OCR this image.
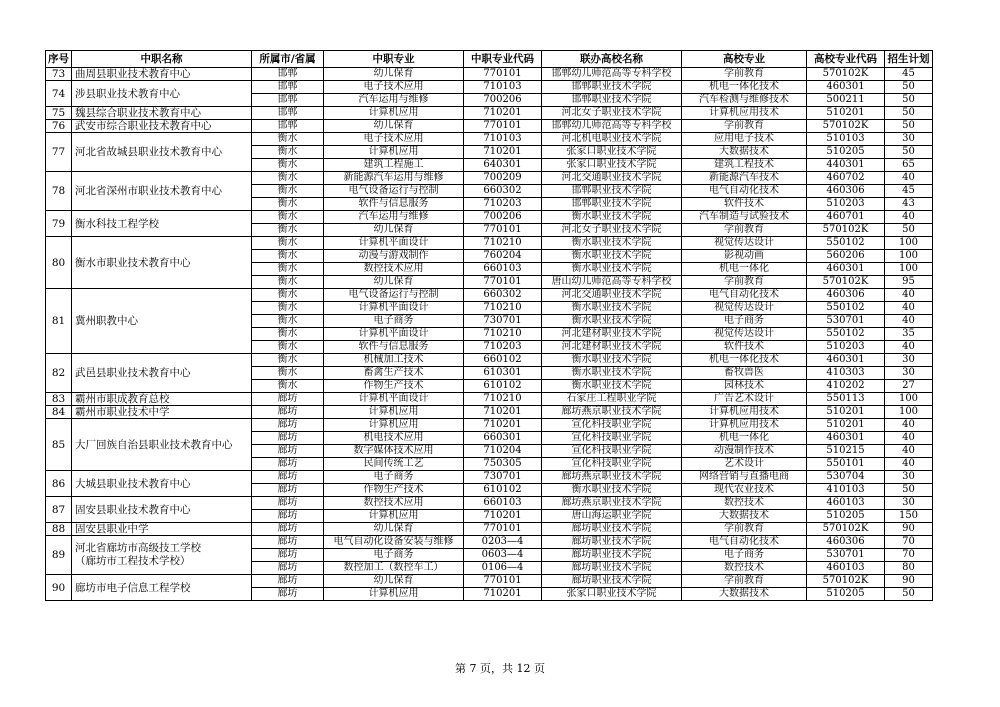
序号	中职名称	所属市/省属	中职专业	中职专业代码	联办高校名称	高校专业	高校专业代码	招生计划
73	曲周县职业技术教育中心	邯郸	幼儿保育	770101	邯郸幼儿师范高等专科学校	学前教育	570102K	45
74	涉县职业技术教育中心	邯郸	电子技术应用	710103	邯郸职业技术学院	机电一体化技术	460301	50
		邯郸	汽车运用与维修	700206	邯郸职业技术学院	汽车检测与维修技术	500211	50
75	魏县综合职业技术教育中心	邯郸	计算机应用	710201	河北女子职业技术学院	计算机应用技术	510201	50
76	武安市综合职业技术教育中心	邯郸	幼儿保育	770101	邯郸幼儿师范高等专科学校	学前教育	570102K	50
77	河北省故城县职业技术教育中心	衡水	电子技术应用	710103	河北机电职业技术学院	应用电子技术	510103	30
		衡水	计算机应用	710201	张家口职业技术学院	大数据技术	510205	50
		衡水	建筑工程施工	640301	张家口职业技术学院	建筑工程技术	440301	65
78	河北省深州市职业技术教育中心	衡水	新能源汽车运用与维修	700209	河北交通职业技术学院	新能源汽车技术	460702	40
		衡水	电气设备运行与控制	660302	邯郸职业技术学院	电气自动化技术	460306	45
		衡水	软件与信息服务	710203	邯郸职业技术学院	软件技术	510203	43
79	衡水科技工程学校	衡水	汽车运用与维修	700206	衡水职业技术学院	汽车制造与试验技术	460701	40
		衡水	幼儿保育	770101	河北女子职业技术学院	学前教育	570102K	50
80	衡水市职业技术教育中心	衡水	计算机平面设计	710210	衡水职业技术学院	视觉传达设计	550102	100
		衡水	动漫与游戏制作	760204	衡水职业技术学院	影视动画	560206	100
		衡水	数控技术应用	660103	衡水职业技术学院	机电一体化	460301	100
		衡水	幼儿保育	770101	唐山幼儿师范高等专科学校	学前教育	570102K	95
81	冀州职教中心	衡水	电气设备运行与控制	660302	河北交通职业技术学院	电气自动化技术	460306	40
		衡水	计算机平面设计	710210	衡水职业技术学院	视觉传达设计	550102	40
		衡水	电子商务	730701	衡水职业技术学院	电子商务	530701	40
		衡水	计算机平面设计	710210	河北建材职业技术学院	视觉传达设计	550102	35
		衡水	软件与信息服务	710203	河北建材职业技术学院	软件技术	510203	40
82	武邑县职业技术教育中心	衡水	机械加工技术	660102	衡水职业技术学院	机电一体化技术	460301	30
		衡水	畜禽生产技术	610301	衡水职业技术学院	畜牧兽医	410303	30
		衡水	作物生产技术	610102	衡水职业技术学院	园林技术	410202	27
83	霸州市职成教育总校	廊坊	计算机平面设计	710210	石家庄工程职业学院	广告艺术设计	550113	100
84	霸州市职业技术中学	廊坊	计算机应用	710201	廊坊燕京职业技术学院	计算机应用技术	510201	100
85	大厂回族自治县职业技术教育中心	廊坊	计算机应用	710201	宣化科技职业学院	计算机应用技术	510201	40
		廊坊	机电技术应用	660301	宣化科技职业学院	机电一体化	460301	40
		廊坊	数字媒体技术应用	710204	宣化科技职业学院	动漫制作技术	510215	40
		廊坊	民间传统工艺	750305	宣化科技职业学院	艺术设计	550101	40
86	大城县职业技术教育中心	廊坊	电子商务	730701	廊坊燕京职业技术学院	网络营销与直播电商	530704	30
		廊坊	作物生产技术	610102	衡水职业技术学院	现代农业技术	410103	50
87	固安县职业技术教育中心	廊坊	数控技术应用	660103	廊坊燕京职业技术学院	数控技术	460103	30
		廊坊	计算机应用	710201	唐山海运职业学院	大数据技术	510205	150
88	固安县职业中学	廊坊	幼儿保育	770101	廊坊职业技术学院	学前教育	570102K	90
89	河北省廊坊市高级技工学校
（廊坊市工程技术学校）	廊坊	电气自动化设备安装与维修	0203—4	廊坊职业技术学院	电气自动化技术	460306	70
		廊坊	电子商务	0603—4	廊坊职业技术学院	电子商务	530701	70
		廊坊	数控加工（数控车工）	0106—4	廊坊职业技术学院	数控技术	460103	80
90	廊坊市电子信息工程学校	廊坊	幼儿保育	770101	廊坊职业技术学院	学前教育	570102K	90
		廊坊	计算机应用	710201	张家口职业技术学院	大数据技术	510205	50
第 7 页，共 12 页
